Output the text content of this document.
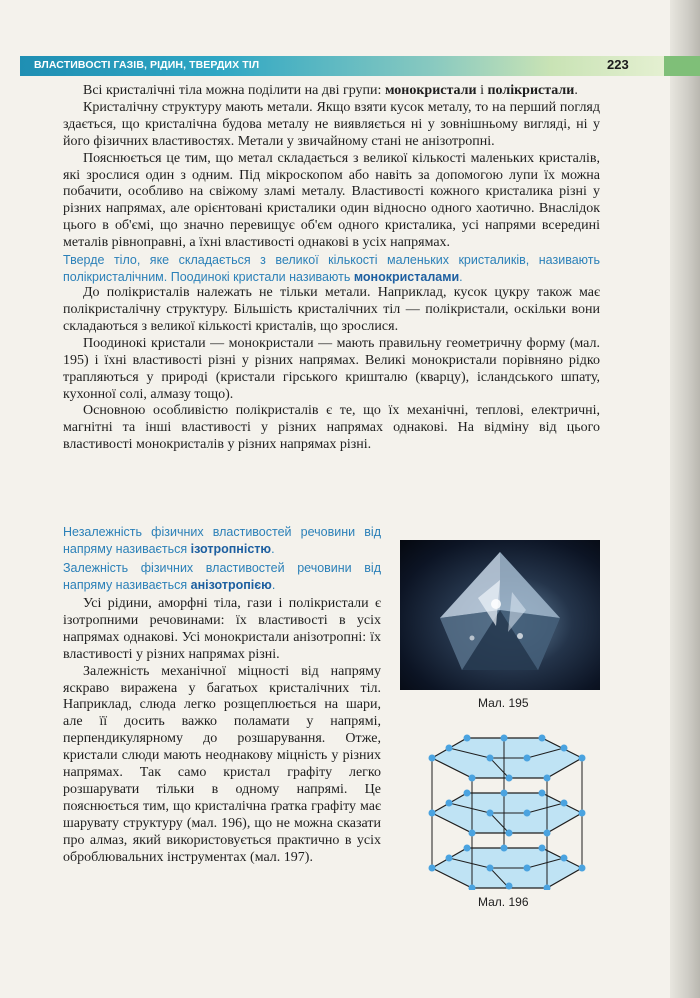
ВЛАСТИВОСТІ ГАЗІВ, РІДИН, ТВЕРДИХ ТІЛ	223

Всі кристалічні тіла можна поділити на дві групи: монокристали і полікристали.

Кристалічну структуру мають метали. Якщо взяти кусок металу, то на перший погляд здається, що кристалічна будова металу не виявляється ні у зовнішньому вигляді, ні у його фізичних властивостях. Метали у звичайному стані не анізотропні.

Пояснюється це тим, що метал складається з великої кількості маленьких кристалів, які зрослися один з одним. Під мікроскопом або навіть за допомогою лупи їх можна побачити, особливо на свіжому зламі металу. Властивості кожного кристалика різні у різних напрямах, але орієнтовані кристалики один відносно одного хаотично. Внаслідок цього в об'ємі, що значно перевищує об'єм одного кристалика, усі напрями всередині металів рівноправні, а їхні властивості однакові в усіх напрямах.

Тверде тіло, яке складається з великої кількості маленьких кристаликів, називають полікристалічним. Поодинокі кристали називають монокристалами.

До полікристалів належать не тільки метали. Наприклад, кусок цукру також має полікристалічну структуру. Більшість кристалічних тіл — полікристали, оскільки вони складаються з великої кількості кристалів, що зрослися.

Поодинокі кристали — монокристали — мають правильну геометричну форму (мал. 195) і їхні властивості різні у різних напрямах. Великі монокристали порівняно рідко трапляються у природі (кристали гірського кришталю (кварцу), ісландського шпату, кухонної солі, алмазу тощо).

Основною особливістю полікристалів є те, що їх механічні, теплові, електричні, магнітні та інші властивості у різних напрямах однакові. На відміну від цього властивості монокристалів у різних напрямах різні.

Незалежність фізичних властивостей речовини від напряму називається ізотропністю.

Залежність фізичних властивостей речовини від напряму називається анізотропією.

Усі рідини, аморфні тіла, гази і полікристали є ізотропними речовинами: їх властивості в усіх напрямах однакові. Усі монокристали анізотропні: їх властивості у різних напрямах різні.

Залежність механічної міцності від напряму яскраво виражена у багатьох кристалічних тіл. Наприклад, слюда легко розщеплюється на шари, але її досить важко поламати у напрямі, перпендикулярному до розшарування. Отже, кристали слюди мають неоднакову міцність у різних напрямах. Так само кристал графіту легко розшарувати тільки в одному напрямі. Це пояснюється тим, що кристалічна ґратка графіту має шарувату структуру (мал. 196), що не можна сказати про алмаз, який використовується практично в усіх оброблювальних інструментах (мал. 197).

Мал. 195
Мал. 196
